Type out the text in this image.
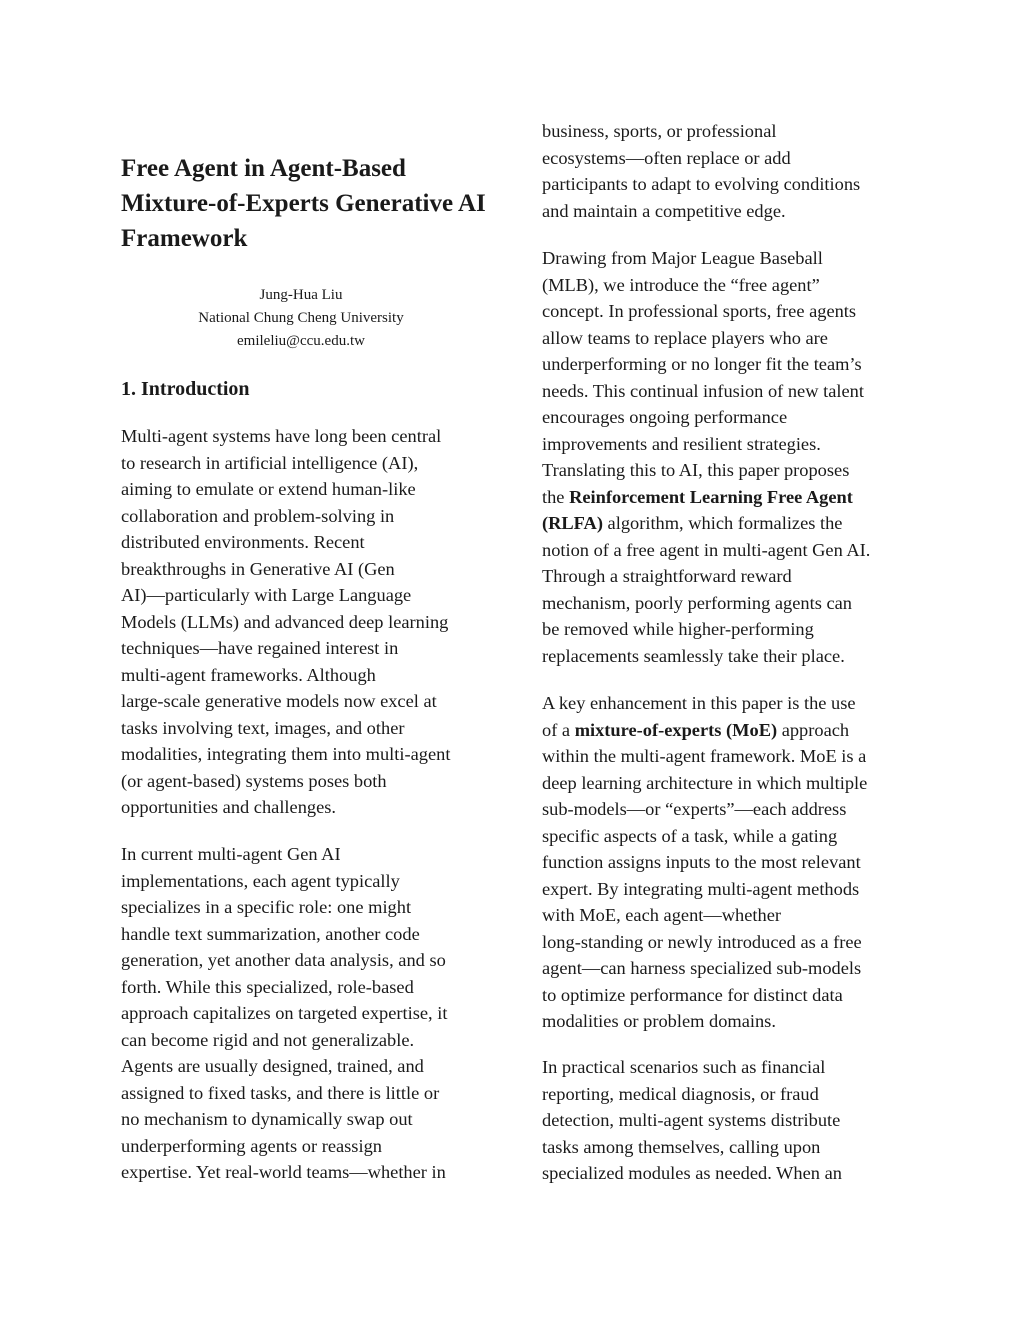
Free Agent in Agent-Based Mixture-of-Experts Generative AI Framework
Jung-Hua Liu
National Chung Cheng University
emileliu@ccu.edu.tw
1. Introduction

Multi-agent systems have long been central
to research in artificial intelligence (AI),
aiming to emulate or extend human-like
collaboration and problem-solving in
distributed environments. Recent
breakthroughs in Generative AI (Gen
AI)—particularly with Large Language
Models (LLMs) and advanced deep learning
techniques—have regained interest in
multi-agent frameworks. Although
large-scale generative models now excel at
tasks involving text, images, and other
modalities, integrating them into multi-agent
(or agent-based) systems poses both
opportunities and challenges.

In current multi-agent Gen AI
implementations, each agent typically
specializes in a specific role: one might
handle text summarization, another code
generation, yet another data analysis, and so
forth. While this specialized, role-based
approach capitalizes on targeted expertise, it
can become rigid and not generalizable.
Agents are usually designed, trained, and
assigned to fixed tasks, and there is little or
no mechanism to dynamically swap out
underperforming agents or reassign
expertise. Yet real-world teams—whether in

business, sports, or professional
ecosystems—often replace or add
participants to adapt to evolving conditions
and maintain a competitive edge.

Drawing from Major League Baseball
(MLB), we introduce the “free agent”
concept. In professional sports, free agents
allow teams to replace players who are
underperforming or no longer fit the team’s
needs. This continual infusion of new talent
encourages ongoing performance
improvements and resilient strategies.
Translating this to AI, this paper proposes
the Reinforcement Learning Free Agent
(RLFA) algorithm, which formalizes the
notion of a free agent in multi-agent Gen AI.
Through a straightforward reward
mechanism, poorly performing agents can
be removed while higher-performing
replacements seamlessly take their place.

A key enhancement in this paper is the use
of a mixture-of-experts (MoE) approach
within the multi-agent framework. MoE is a
deep learning architecture in which multiple
sub-models—or “experts”—each address
specific aspects of a task, while a gating
function assigns inputs to the most relevant
expert. By integrating multi-agent methods
with MoE, each agent—whether
long-standing or newly introduced as a free
agent—can harness specialized sub-models
to optimize performance for distinct data
modalities or problem domains.

In practical scenarios such as financial
reporting, medical diagnosis, or fraud
detection, multi-agent systems distribute
tasks among themselves, calling upon
specialized modules as needed. When an
